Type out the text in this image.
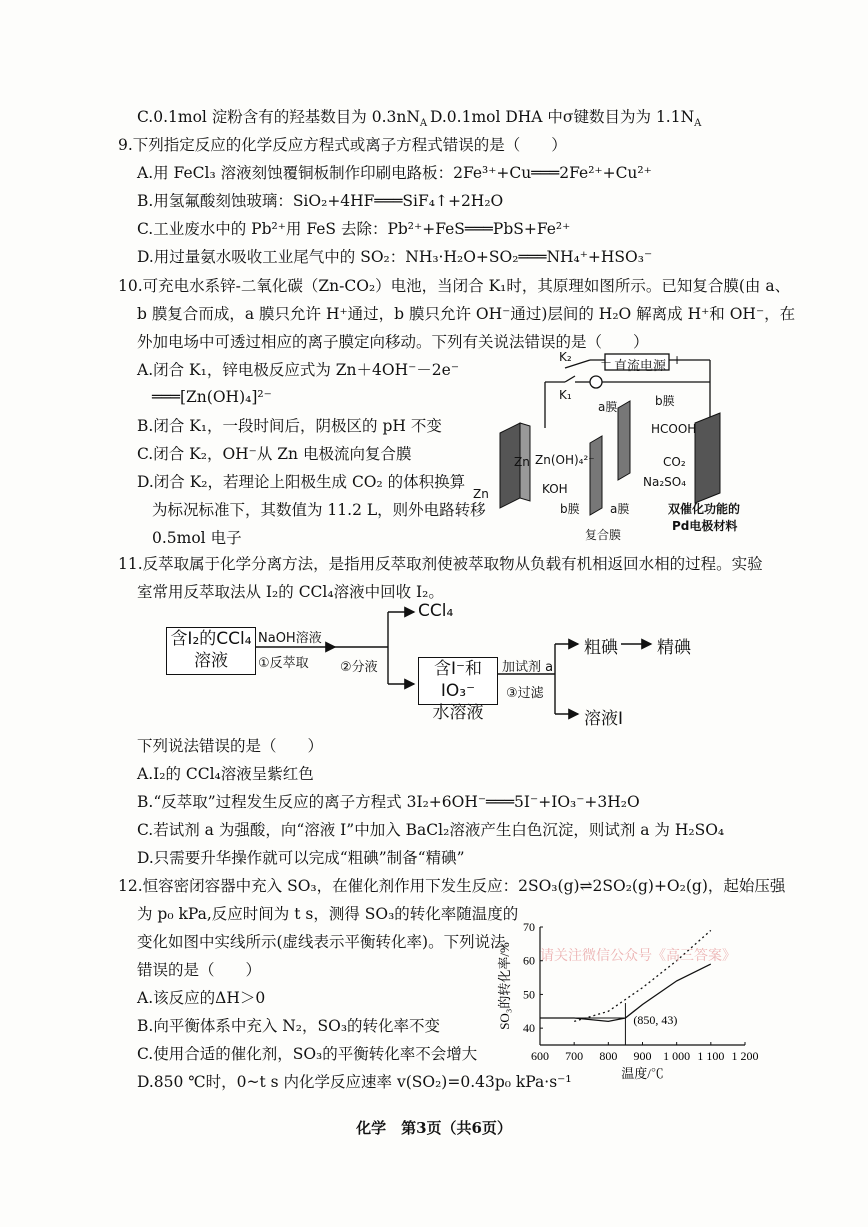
C.0.1mol 淀粉含有的羟基数目为 $0.3nN_A$ D.0.1mol DHA 中σ键数目为为 $1.1N_A$
9.下列指定反应的化学反应方程式或离子方程式错误的是（　　）
A.用 FeCl₃ 溶液刻蚀覆铜板制作印刷电路板：2Fe³⁺+Cu═══2Fe²⁺+Cu²⁺
B.用氢氟酸刻蚀玻璃：SiO₂+4HF═══SiF₄↑+2H₂O
C.工业废水中的 Pb²⁺用 FeS 去除：Pb²⁺+FeS═══PbS+Fe²⁺
D.用过量氨水吸收工业尾气中的 SO₂：NH₃·H₂O+SO₂═══NH₄⁺+HSO₃⁻
10.可充电水系锌-二氧化碳（Zn-CO₂）电池，当闭合 K₁时，其原理如图所示。已知复合膜(由 a、
b 膜复合而成，a 膜只允许 H⁺通过，b 膜只允许 OH⁻通过)层间的 H₂O 解离成 H⁺和 OH⁻，在
外加电场中可透过相应的离子膜定向移动。下列有关说法错误的是（　　）
A.闭合 K₁，锌电极反应式为 Zn＋4OH⁻－2e⁻
═══[Zn(OH)₄]²⁻
B.闭合 K₁，一段时间后，阴极区的 pH 不变
C.闭合 K₂，OH⁻从 Zn 电极流向复合膜
D.闭合 K₂，若理论上阳极生成 CO₂ 的体积换算
为标况标准下，其数值为 11.2 L，则外电路转移
0.5mol 电子
K₂
K₁
－ 直流电源 +
a膜	b膜
HCOOH
CO₂
Na₂SO₄
Zn Zn(OH)₄²⁻
KOH
Zn
b膜	a膜
复合膜
双催化功能的
Pd电极材料
11.反萃取属于化学分离方法，是指用反萃取剂使被萃取物从负载有机相返回水相的过程。实验
室常用反萃取法从 I₂的 CCl₄溶液中回收 I₂。
含I₂的CCl₄
溶液
NaOH溶液
①反萃取 ②分液
CCl₄
含I⁻和IO₃⁻
水溶液
加试剂 a
③过滤
粗碘 精碘
溶液I
下列说法错误的是（　　）
A.I₂的 CCl₄溶液呈紫红色
B.“反萃取”过程发生反应的离子方程式 3I₂+6OH⁻═══5I⁻+IO₃⁻+3H₂O
C.若试剂 a 为强酸，向“溶液 I”中加入 BaCl₂溶液产生白色沉淀，则试剂 a 为 H₂SO₄
D.只需要升华操作就可以完成“粗碘”制备“精碘”
12.恒容密闭容器中充入 SO₃，在催化剂作用下发生反应：2SO₃(g)⇌2SO₂(g)+O₂(g)，起始压强
为 p₀ kPa,反应时间为 t s，测得 SO₃的转化率随温度的
变化如图中实线所示(虚线表示平衡转化率)。下列说法
错误的是（　　）
A.该反应的ΔH＞0
B.向平衡体系中充入 N₂，SO₃的转化率不变
C.使用合适的催化剂，SO₃的平衡转化率不会增大
D.850 ℃时，0~t s 内化学反应速率 v(SO₂)=0.43p₀ kPa·s⁻¹
600 700 800 900 1 000 1 100 1 200
40
50
60
70
(850, 43)
温度/℃
SO₃的转化率/% 请关注微信公众号《高三答案》
化学　第3页（共6页）
